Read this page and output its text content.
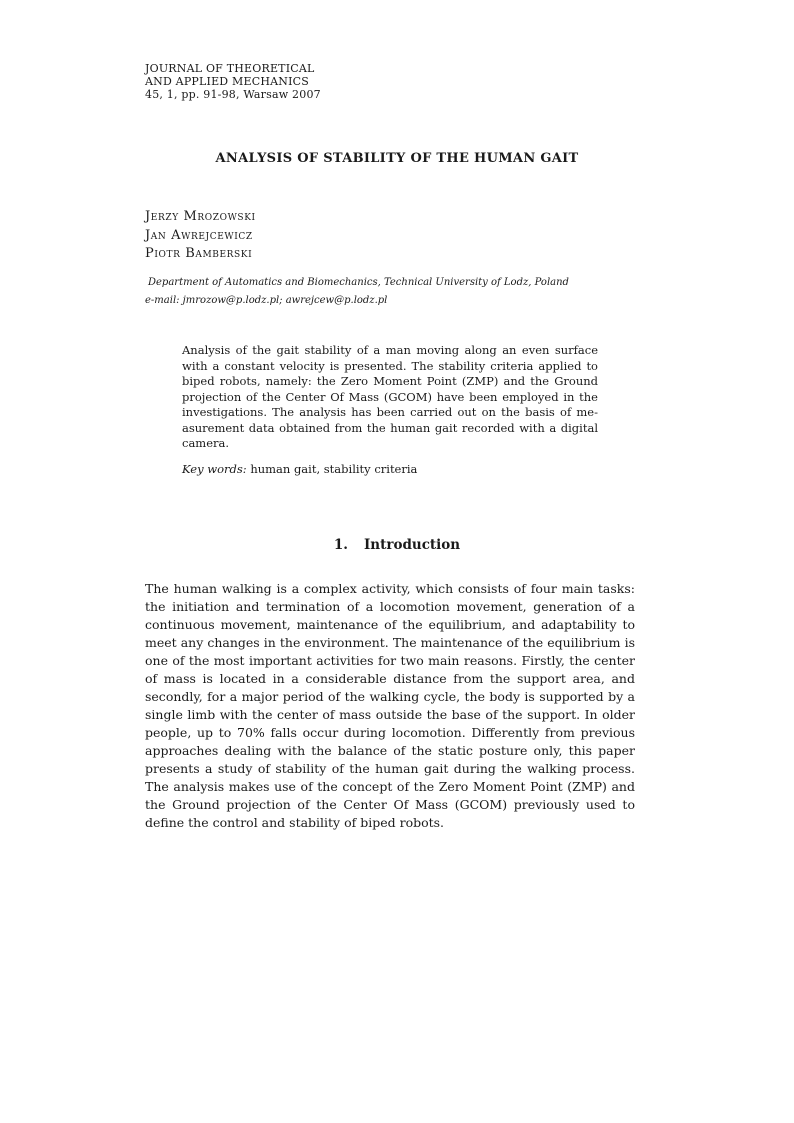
JOURNAL OF THEORETICAL
AND APPLIED MECHANICS
45, 1, pp. 91-98, Warsaw 2007
ANALYSIS OF STABILITY OF THE HUMAN GAIT
Jerzy Mrozowski
Jan Awrejcewicz
Piotr Bamberski
Department of Automatics and Biomechanics, Technical University of Lodz, Poland
e-mail: jmrozow@p.lodz.pl; awrejcew@p.lodz.pl
Analysis of the gait stability of a man moving along an even surface with a constant velocity is presented. The stability criteria applied to biped robots, namely: the Zero Moment Point (ZMP) and the Ground projection of the Center Of Mass (GCOM) have been employed in the investigations. The analysis has been carried out on the basis of measurement data obtained from the human gait recorded with a digital camera.
Key words: human gait, stability criteria
1. Introduction
The human walking is a complex activity, which consists of four main tasks: the initiation and termination of a locomotion movement, generation of a continuous movement, maintenance of the equilibrium, and adaptability to meet any changes in the environment. The maintenance of the equilibrium is one of the most important activities for two main reasons. Firstly, the center of mass is located in a considerable distance from the support area, and secondly, for a major period of the walking cycle, the body is supported by a single limb with the center of mass outside the base of the support. In older people, up to 70% falls occur during locomotion. Differently from previous approaches dealing with the balance of the static posture only, this paper presents a study of stability of the human gait during the walking process. The analysis makes use of the concept of the Zero Moment Point (ZMP) and the Ground projection of the Center Of Mass (GCOM) previously used to define the control and stability of biped robots.
